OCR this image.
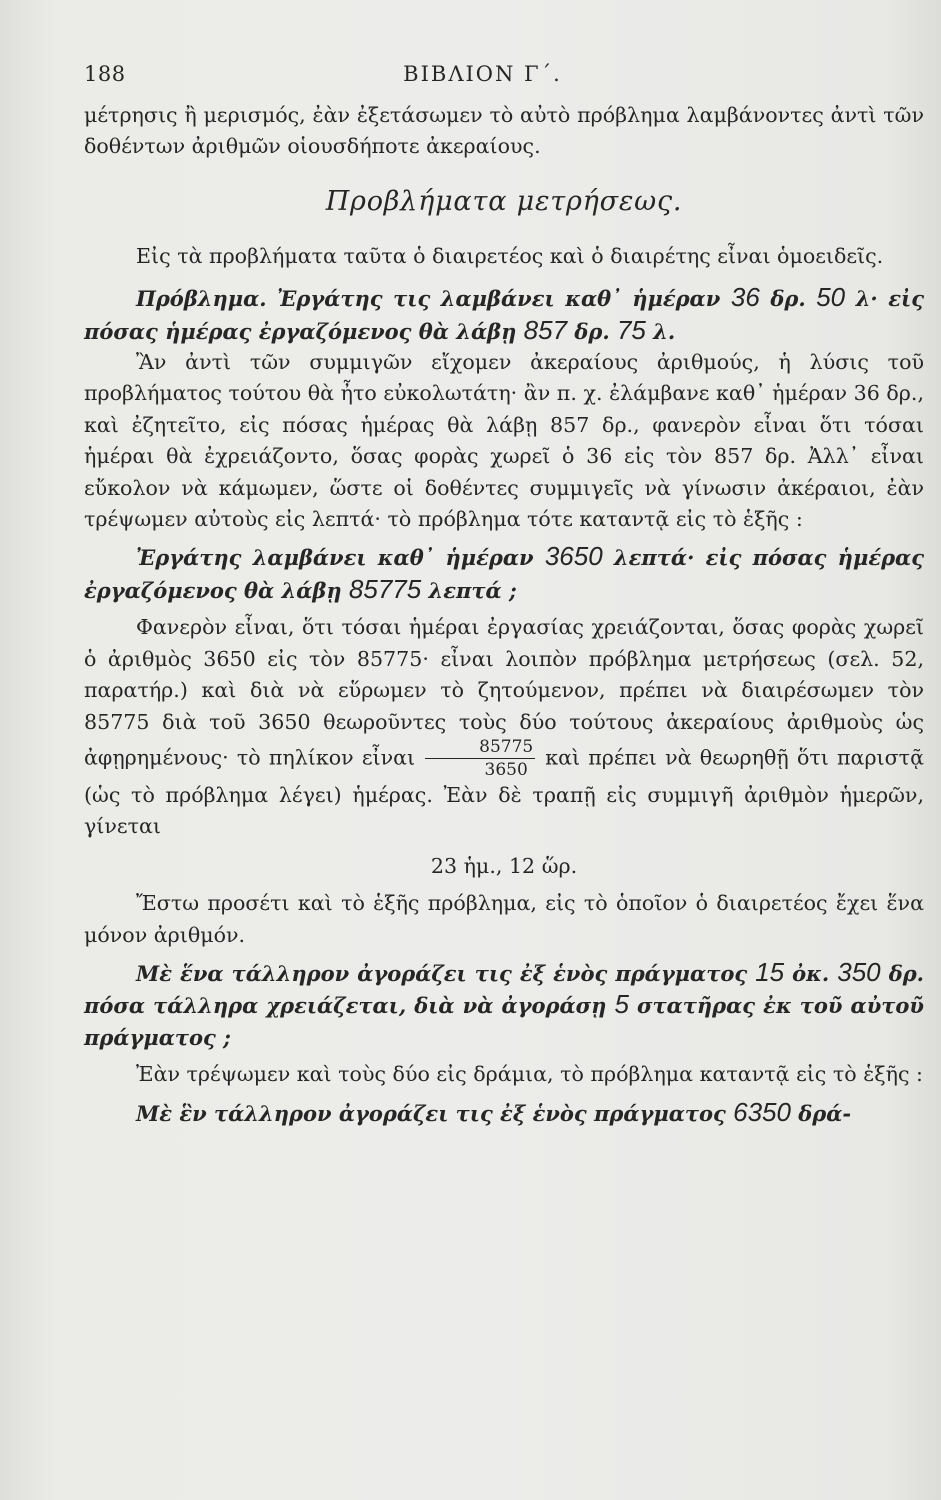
188	ΒΙΒΛΙΟΝ Γ΄.

μέτρησις ἢ μερισμός, ἐὰν ἐξετάσωμεν τὸ αὐτὸ πρόβλημα λαμβάνοντες ἀντὶ τῶν δοθέντων ἀριθμῶν οἱουσδήποτε ἀκεραίους.

Προβλήματα μετρήσεως.

Εἰς τὰ προβλήματα ταῦτα ὁ διαιρετέος καὶ ὁ διαιρέτης εἶναι ὁμοειδεῖς.

Πρόβλημα. Ἐργάτης τις λαμβάνει καθ᾽ ἡμέραν 36 δρ. 50 λ· εἰς πόσας ἡμέρας ἐργαζόμενος θὰ λάβῃ 857 δρ. 75 λ.

Ἂν ἀντὶ τῶν συμμιγῶν εἴχομεν ἀκεραίους ἀριθμούς, ἡ λύσις τοῦ προβλήματος τούτου θὰ ἦτο εὐκολωτάτη· ἂν π. χ. ἐλάμβανε καθ᾽ ἡμέραν 36 δρ., καὶ ἐζητεῖτο, εἰς πόσας ἡμέρας θὰ λάβῃ 857 δρ., φανερὸν εἶναι ὅτι τόσαι ἡμέραι θὰ ἐχρειάζοντο, ὅσας φορὰς χωρεῖ ὁ 36 εἰς τὸν 857 δρ. Ἀλλ᾽ εἶναι εὔκολον νὰ κάμωμεν, ὥστε οἱ δοθέντες συμμιγεῖς νὰ γίνωσιν ἀκέραιοι, ἐὰν τρέψωμεν αὐτοὺς εἰς λεπτά· τὸ πρόβλημα τότε καταντᾷ εἰς τὸ ἑξῆς :

Ἐργάτης λαμβάνει καθ᾽ ἡμέραν 3650 λεπτά· εἰς πόσας ἡμέρας ἐργαζόμενος θὰ λάβῃ 85775 λεπτά ;

Φανερὸν εἶναι, ὅτι τόσαι ἡμέραι ἐργασίας χρειάζονται, ὅσας φορὰς χωρεῖ ὁ ἀριθμὸς 3650 εἰς τὸν 85775· εἶναι λοιπὸν πρόβλημα μετρήσεως (σελ. 52, παρατήρ.) καὶ διὰ νὰ εὕρωμεν τὸ ζητούμενον, πρέπει νὰ διαιρέσωμεν τὸν 85775 διὰ τοῦ 3650 θεωροῦντες τοὺς δύο τούτους ἀκεραίους ἀριθμοὺς ὡς ἀφῃρημένους· τὸ πηλίκον εἶναι $\frac{85775}{3650}$ καὶ πρέπει νὰ θεωρηθῇ ὅτι παριστᾷ (ὡς τὸ πρόβλημα λέγει) ἡμέρας. Ἐὰν δὲ τραπῇ εἰς συμμιγῆ ἀριθμὸν ἡμερῶν, γίνεται

23 ἡμ., 12 ὥρ.

Ἔστω προσέτι καὶ τὸ ἑξῆς πρόβλημα, εἰς τὸ ὁποῖον ὁ διαιρετέος ἔχει ἕνα μόνον ἀριθμόν.

Μὲ ἕνα τάλληρον ἀγοράζει τις ἐξ ἑνὸς πράγματος 15 ὀκ. 350 δρ. πόσα τάλληρα χρειάζεται, διὰ νὰ ἀγοράσῃ 5 στατῆρας ἐκ τοῦ αὐτοῦ πράγματος ;

Ἐὰν τρέψωμεν καὶ τοὺς δύο εἰς δράμια, τὸ πρόβλημα καταντᾷ εἰς τὸ ἑξῆς :

Μὲ ἓν τάλληρον ἀγοράζει τις ἐξ ἑνὸς πράγματος 6350 δρά-
